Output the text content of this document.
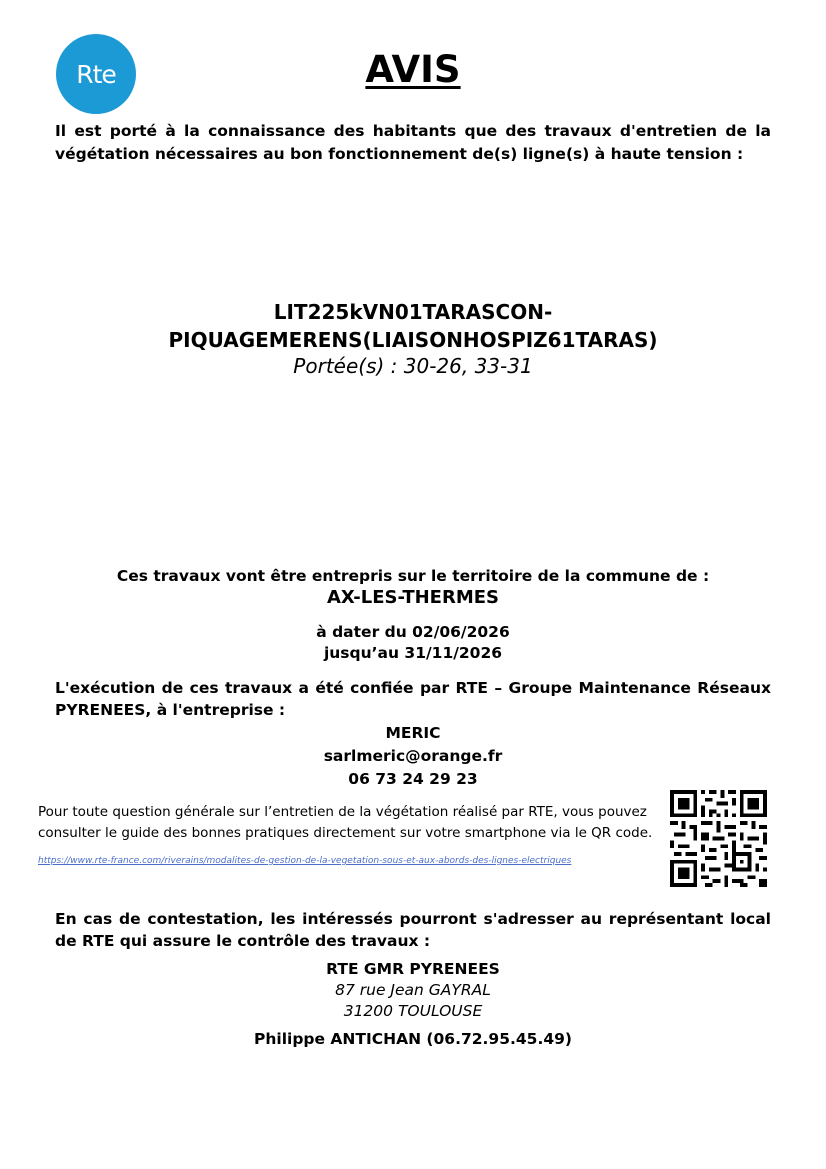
Rte	AVIS
Il est porté à la connaissance des habitants que des travaux d'entretien de la végétation nécessaires au bon fonctionnement de(s) ligne(s) à haute tension :
LIT225kVN01TARASCON-
PIQUAGEMERENS(LIAISONHOSPIZ61TARAS)
Portée(s) : 30-26, 33-31
Ces travaux vont être entrepris sur le territoire de la commune de :
AX-LES-THERMES
à dater du 02/06/2026
jusqu’au 31/11/2026
L'exécution de ces travaux a été confiée par RTE – Groupe Maintenance Réseaux PYRENEES, à l'entreprise :
MERIC
sarlmeric@orange.fr
06 73 24 29 23
Pour toute question générale sur l’entretien de la végétation réalisé par RTE, vous pouvez consulter le guide des bonnes pratiques directement sur votre smartphone via le QR code.
https://www.rte-france.com/riverains/modalites-de-gestion-de-la-vegetation-sous-et-aux-abords-des-lignes-electriques
En cas de contestation, les intéressés pourront s'adresser au représentant local de RTE qui assure le contrôle des travaux :
RTE GMR PYRENEES
87 rue Jean GAYRAL
31200 TOULOUSE
Philippe ANTICHAN (06.72.95.45.49)
